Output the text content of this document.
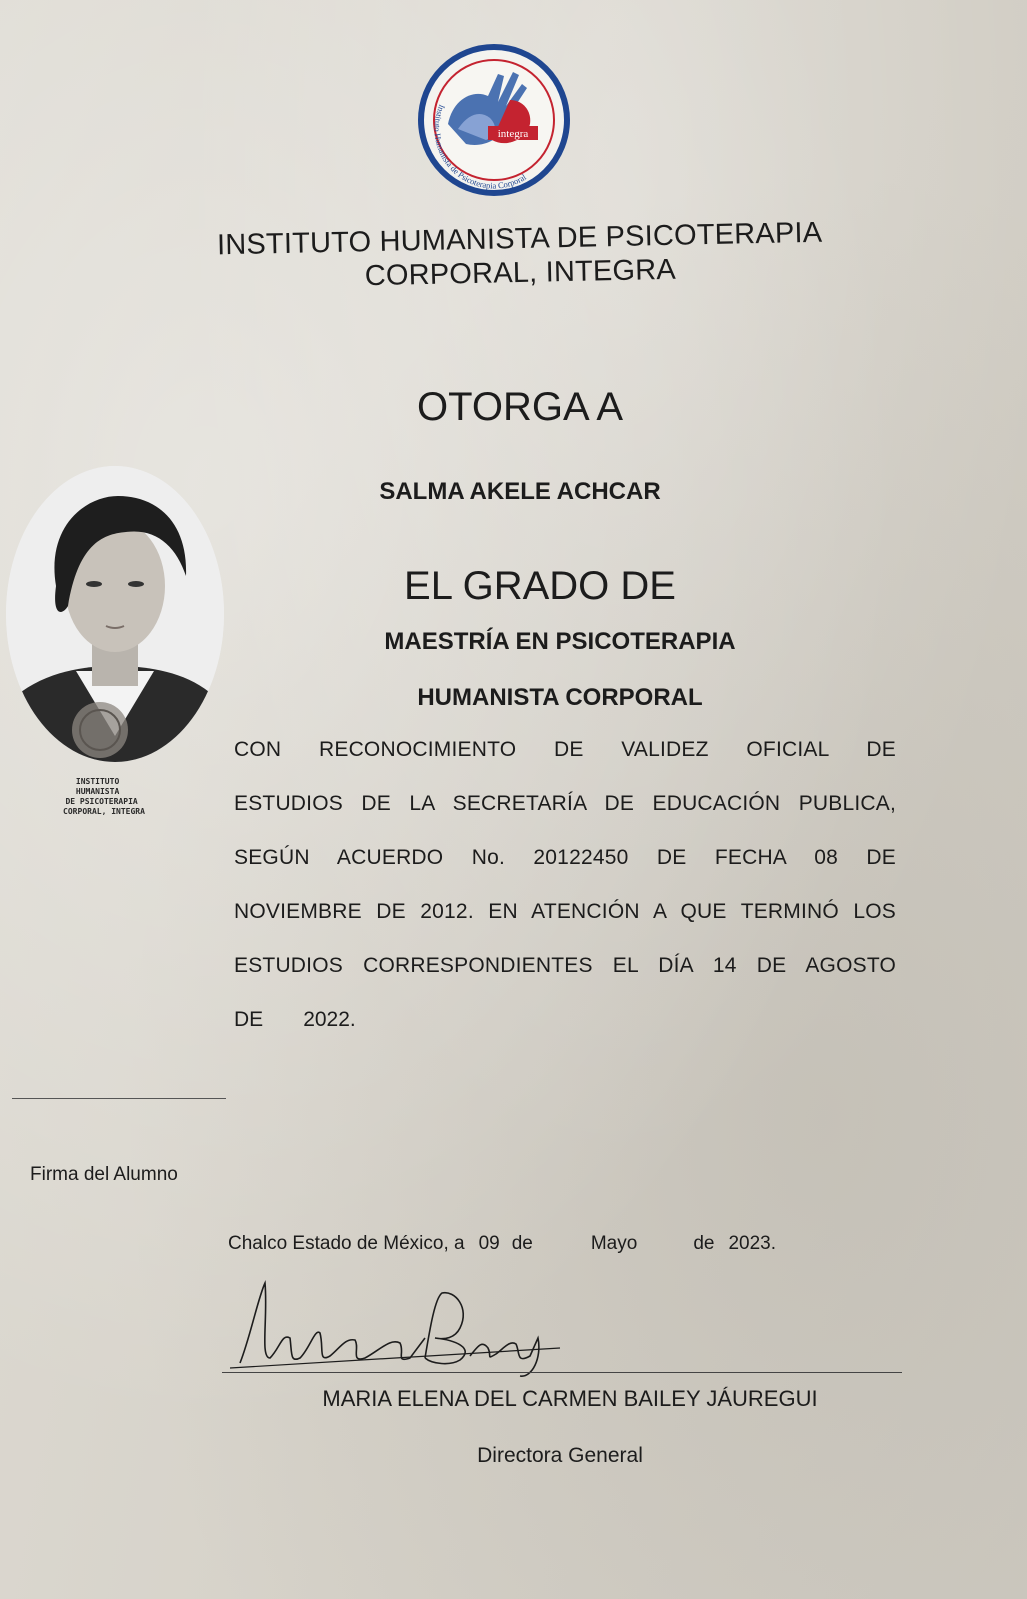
integra
Instituto Humanista de Psicoterapia Corporal
INSTITUTO HUMANISTA DE PSICOTERAPIA
CORPORAL, INTEGRA
OTORGA A
SALMA AKELE ACHCAR
EL GRADO DE
MAESTRÍA EN PSICOTERAPIA
HUMANISTA CORPORAL
CON RECONOCIMIENTO DE VALIDEZ OFICIAL DE
ESTUDIOS DE LA SECRETARÍA DE EDUCACIÓN PUBLICA,
SEGÚN ACUERDO No. 20122450 DE FECHA 08 DE
NOVIEMBRE DE 2012. EN ATENCIÓN A QUE TERMINÓ LOS
ESTUDIOS CORRESPONDIENTES EL DÍA 14 DE AGOSTO
DE 2022.
INSTITUTO HUMANISTA DE PSICOTERAPIA CORPORAL, INTEGRA
Firma del Alumno
Chalco Estado de México, a 09 de	Mayo	de 2023.
MARIA ELENA DEL CARMEN BAILEY JÁUREGUI
Directora General
